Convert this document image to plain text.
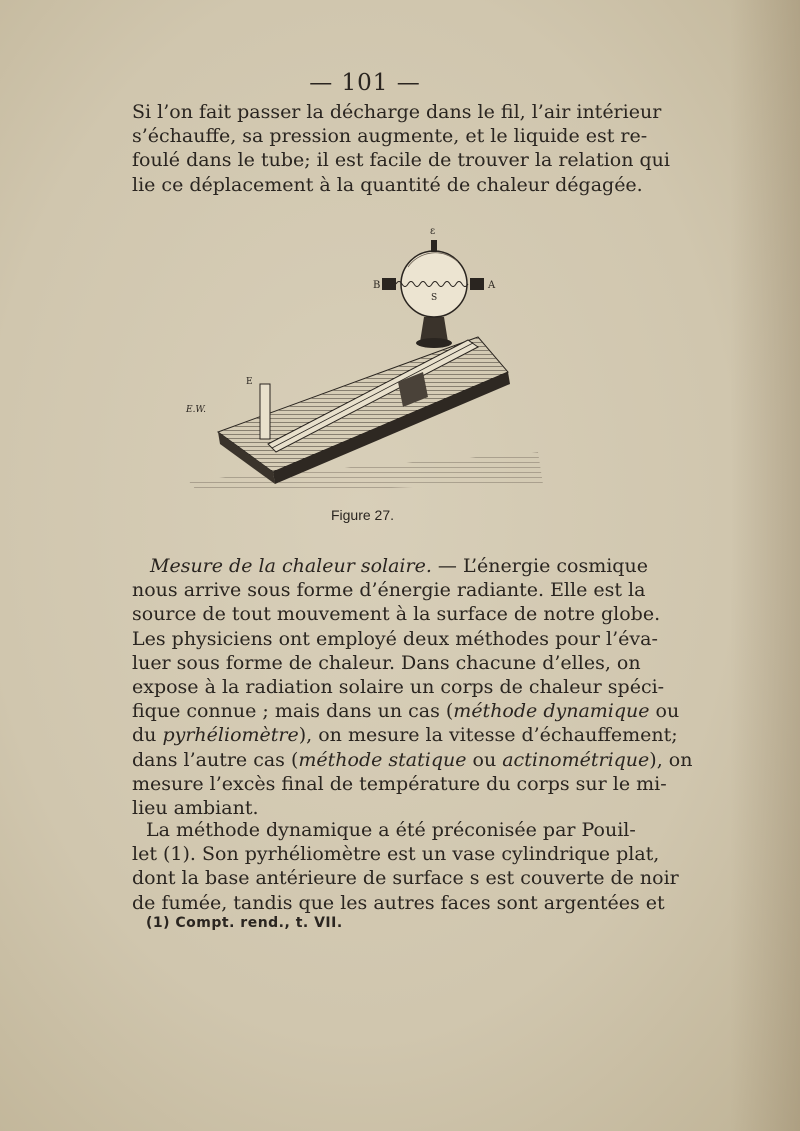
— 101 —
Si l’on fait passer la décharge dans le fil, l’air intérieur
s’échauffe, sa pression augmente, et le liquide est re-
foulé dans le tube; il est facile de trouver la relation qui
lie ce déplacement à la quantité de chaleur dégagée.
ε
B	A
S
E
E.W.
Figure 27.
Mesure de la chaleur solaire. — L’énergie cosmique
nous arrive sous forme d’énergie radiante. Elle est la
source de tout mouvement à la surface de notre globe.
Les physiciens ont employé deux méthodes pour l’éva-
luer sous forme de chaleur. Dans chacune d’elles, on
expose à la radiation solaire un corps de chaleur spéci-
fique connue ; mais dans un cas (méthode dynamique ou
du pyrhéliomètre), on mesure la vitesse d’échauffement;
dans l’autre cas (méthode statique ou actinométrique), on
mesure l’excès final de température du corps sur le mi-
lieu ambiant.
La méthode dynamique a été préconisée par Pouil-
let (1). Son pyrhéliomètre est un vase cylindrique plat,
dont la base antérieure de surface s est couverte de noir
de fumée, tandis que les autres faces sont argentées et
(1) Compt. rend., t. VII.
